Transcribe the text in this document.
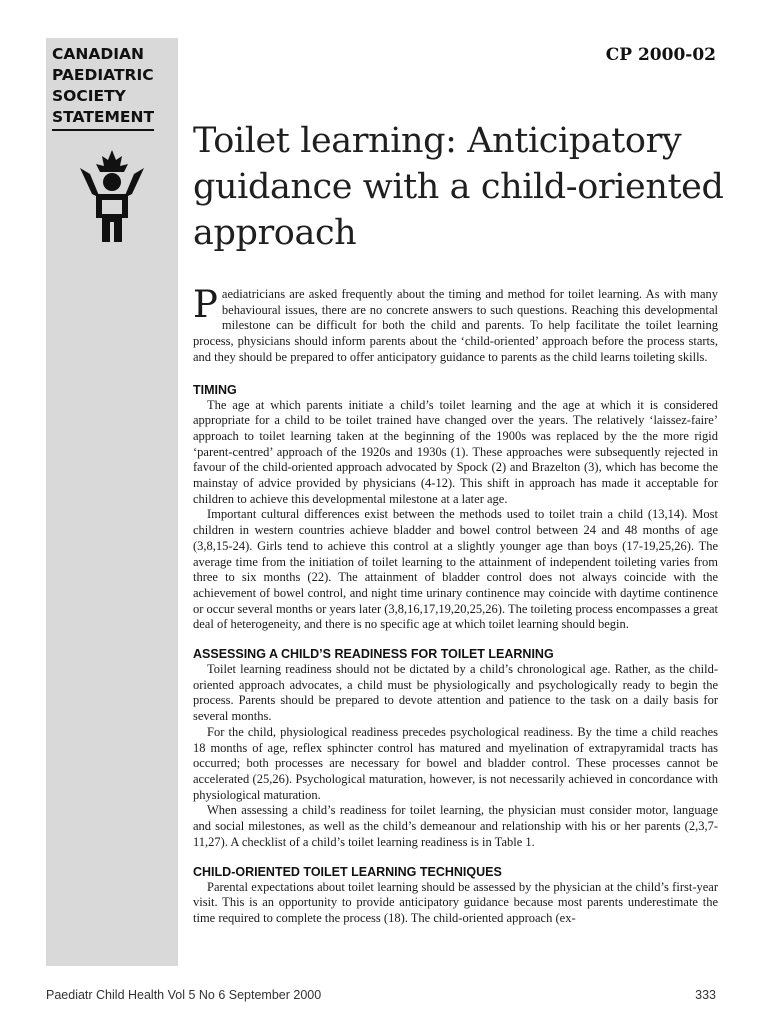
CANADIAN
PAEDIATRIC
SOCIETY
STATEMENT
CP 2000-02
Toilet learning: Anticipatory guidance with a child-oriented approach

Paediatricians are asked frequently about the timing and method for toilet learning. As with many behavioural issues, there are no concrete answers to such questions. Reaching this developmental milestone can be difficult for both the child and parents. To help facilitate the toilet learning process, physicians should inform parents about the ‘child-oriented’ approach before the process starts, and they should be prepared to offer anticipatory guidance to parents as the child learns toileting skills.

TIMING

The age at which parents initiate a child’s toilet learning and the age at which it is considered appropriate for a child to be toilet trained have changed over the years. The relatively ‘laissez-faire’ approach to toilet learning taken at the beginning of the 1900s was replaced by the the more rigid ‘parent-centred’ approach of the 1920s and 1930s (1). These approaches were subsequently rejected in favour of the child-oriented approach advocated by Spock (2) and Brazelton (3), which has become the mainstay of advice provided by physicians (4-12). This shift in approach has made it acceptable for children to achieve this developmental milestone at a later age.

Important cultural differences exist between the methods used to toilet train a child (13,14). Most children in western countries achieve bladder and bowel control between 24 and 48 months of age (3,8,15-24). Girls tend to achieve this control at a slightly younger age than boys (17-19,25,26). The average time from the initiation of toilet learning to the attainment of independent toileting varies from three to six months (22). The attainment of bladder control does not always coincide with the achievement of bowel control, and night time urinary continence may coincide with daytime continence or occur several months or years later (3,8,16,17,19,20,25,26). The toileting process encompasses a great deal of heterogeneity, and there is no specific age at which toilet learning should begin.

ASSESSING A CHILD’S READINESS FOR TOILET LEARNING

Toilet learning readiness should not be dictated by a child’s chronological age. Rather, as the child-oriented approach advocates, a child must be physiologically and psychologically ready to begin the process. Parents should be prepared to devote attention and patience to the task on a daily basis for several months.

For the child, physiological readiness precedes psychological readiness. By the time a child reaches 18 months of age, reflex sphincter control has matured and myelination of extrapyramidal tracts has occurred; both processes are necessary for bowel and bladder control. These processes cannot be accelerated (25,26). Psychological maturation, however, is not necessarily achieved in concordance with physiological maturation.

When assessing a child’s readiness for toilet learning, the physician must consider motor, language and social milestones, as well as the child’s demeanour and relationship with his or her parents (2,3,7-11,27). A checklist of a child’s toilet learning readiness is in Table 1.

CHILD-ORIENTED TOILET LEARNING TECHNIQUES

Parental expectations about toilet learning should be assessed by the physician at the child’s first-year visit. This is an opportunity to provide anticipatory guidance because most parents underestimate the time required to complete the process (18). The child-oriented approach (ex-

Paediatr Child Health Vol 5 No 6 September 2000	333
